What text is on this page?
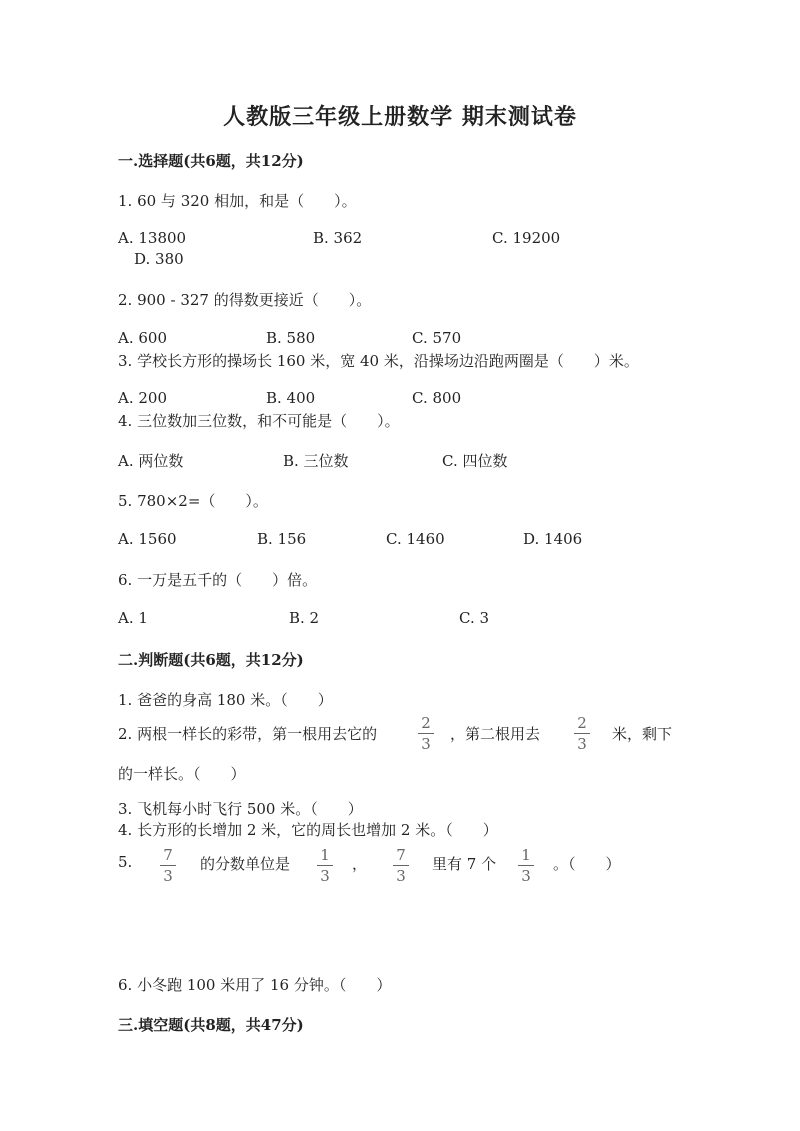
人教版三年级上册数学 期末测试卷
一.选择题(共6题，共12分)
1. 60 与 320 相加，和是（　　）。
A. 13800	B. 362	C. 19200
D. 380
2. 900 - 327 的得数更接近（　　）。
A. 600	B. 580	C. 570
3. 学校长方形的操场长 160 米，宽 40 米，沿操场边沿跑两圈是（　　）米。
A. 200	B. 400	C. 800
4. 三位数加三位数，和不可能是（　　）。
A. 两位数	B. 三位数	C. 四位数
5. 780×2=（　　）。
A. 1560	B. 156	C. 1460	D. 1406
6. 一万是五千的（　　）倍。
A. 1	B. 2	C. 3
二.判断题(共6题，共12分)
1. 爸爸的身高 180 米。（　　）
2. 两根一样长的彩带，第一根用去它的
2
3
，第二根用去
2
3
米，剩下
的一样长。（　　）
3. 飞机每小时飞行 500 米。（　　）
4. 长方形的长增加 2 米，它的周长也增加 2 米。（　　）
5. 7
3
的分数单位是 1
3
， 7
3
里有 7 个 1
3
。（　　）
6. 小冬跑 100 米用了 16 分钟。（　　）
三.填空题(共8题，共47分)
